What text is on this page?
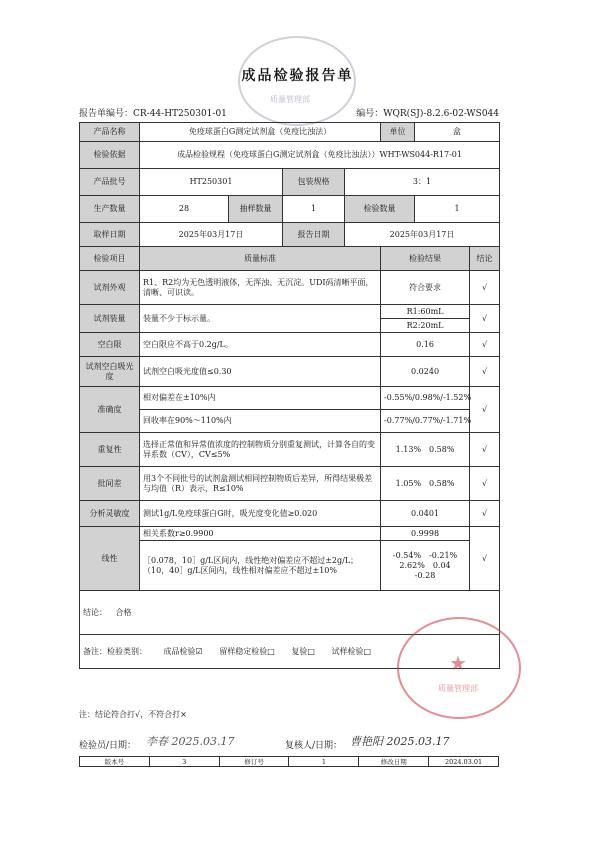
成品检验报告单
质量管理部
报告单编号：CR-44-HT250301-01	编号：WQR(SJ)-8.2.6-02-WS044
产品名称	免疫球蛋白G测定试剂盒（免疫比浊法）				单位	盒	
检验依据	成品检验规程（免疫球蛋白G测定试剂盒（免疫比浊法））WHT-WS044-R17-01						
产品批号	HT250301		包装规格	3：1			
生产数量	28	抽样数量	1	检验数量		1	
取样日期	2025年03月17日		报告日期	2025年03月17日			
检验项目	质量标准				检验结果		结论
试剂外观	R1、R2均为无色透明液体，无浑浊、无沉淀。UDI码清晰平面，清晰、可识读。				符合要求		√
试剂装量	装量不少于标示量。				R1:60mL		√
					R2:20mL		
空白限	空白限应不高于0.2g/L。				0.16		√
试剂空白吸光度	试剂空白吸光度值≤0.30				0.0240		√
准确度	相对偏差在±10%内				-0.55%/0.98%/-1.52%		√
	回收率在90%～110%内				-0.77%/0.77%/-1.71%		
重复性	选择正常值和异常值浓度的控制物质分别重复测试，计算各自的变异系数（CV），CV≤5%				1.13%　0.58%		√
批间差	用3个不同批号的试剂盒测试相同控制物质后差异，所得结果极差与均值（R）表示，R≤10%				1.05%　0.58%		√
分析灵敏度	测试1g/L免疫球蛋白G时，吸光度变化值≥0.020				0.0401		√
线性	相关系数r≥0.9900				0.9998		√
	［0.078，10］g/L区间内，线性绝对偏差应不超过±2g/L；（10，40］g/L区间内，线性相对偏差应不超过±10%				-0.54%　-0.21%
2.62%　0.04
-0.28		

结论： 合格							
备注：检验类别： 成品检验☑ 留样稳定检验□ 复验□ 试样检验□								★
质量管理部
注：结论符合打√，不符合打×
检验员/日期： 李春 2025.03.17	复核人/日期： 曹艳阳 2025.03.17
版本号	3	修订号	1	修改日期	2024.03.01
